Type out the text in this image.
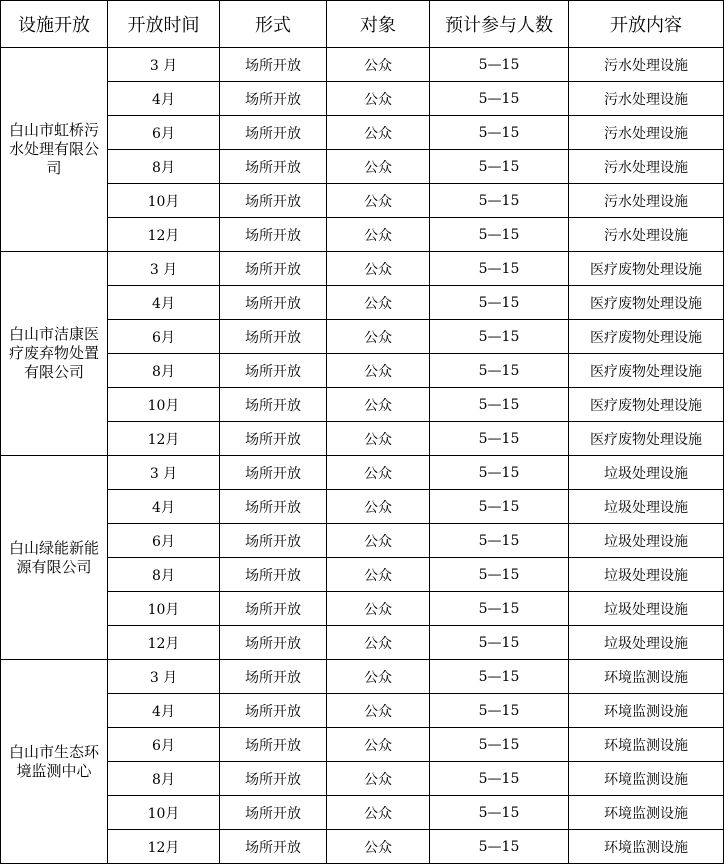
设施开放	开放时间	形式	对象	预计参与人数	开放内容
白山市虹桥污水处理有限公司	3 月	场所开放	公众	5—15	污水处理设施
	4月	场所开放	公众	5—15	污水处理设施
	6月	场所开放	公众	5—15	污水处理设施
	8月	场所开放	公众	5—15	污水处理设施
	10月	场所开放	公众	5—15	污水处理设施
	12月	场所开放	公众	5—15	污水处理设施
白山市洁康医疗废弃物处置有限公司	3 月	场所开放	公众	5—15	医疗废物处理设施
	4月	场所开放	公众	5—15	医疗废物处理设施
	6月	场所开放	公众	5—15	医疗废物处理设施
	8月	场所开放	公众	5—15	医疗废物处理设施
	10月	场所开放	公众	5—15	医疗废物处理设施
	12月	场所开放	公众	5—15	医疗废物处理设施
白山绿能新能源有限公司	3 月	场所开放	公众	5—15	垃圾处理设施
	4月	场所开放	公众	5—15	垃圾处理设施
	6月	场所开放	公众	5—15	垃圾处理设施
	8月	场所开放	公众	5—15	垃圾处理设施
	10月	场所开放	公众	5—15	垃圾处理设施
	12月	场所开放	公众	5—15	垃圾处理设施
白山市生态环境监测中心	3 月	场所开放	公众	5—15	环境监测设施
	4月	场所开放	公众	5—15	环境监测设施
	6月	场所开放	公众	5—15	环境监测设施
	8月	场所开放	公众	5—15	环境监测设施
	10月	场所开放	公众	5—15	环境监测设施
	12月	场所开放	公众	5—15	环境监测设施
